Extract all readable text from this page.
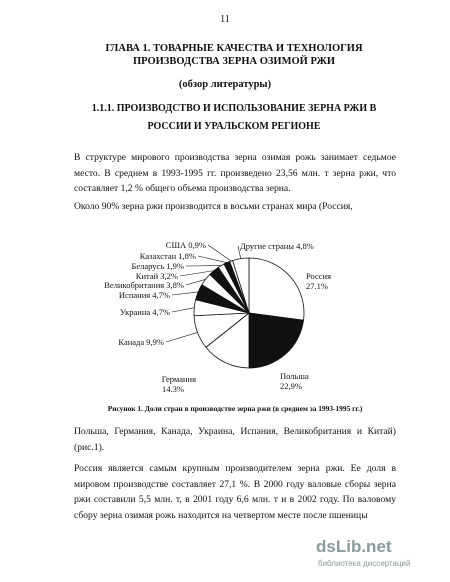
11
ГЛАВА 1. ТОВАРНЫЕ КАЧЕСТВА И ТЕХНОЛОГИЯ ПРОИЗВОДСТВА ЗЕРНА ОЗИМОЙ РЖИ
(обзор литературы)
1.1.1. ПРОИЗВОДСТВО И ИСПОЛЬЗОВАНИЕ ЗЕРНА РЖИ В РОССИИ И УРАЛЬСКОМ РЕГИОНЕ

В структуре мирового производства зерна озимая рожь занимает седьмое место. В среднем в 1993-1995 гг. произведено 23,56 млн. т зерна ржи, что составляет 1,2 % общего объема производства зерна.

Около 90% зерна ржи производится в восьми странах мира (Россия,

Россия
27.1%
Польша
22,9%
Германия
14.3%
Канада 9,9%
Украина 4,7%
Испания 4,7%
Великобритания 3,8%
Китай 3,2%
Беларусь 1,9%
Казахстан 1,8%
США 0,9%	Другие страны 4,8%
Рисунок 1. Доли стран в производстве зерна ржи (в среднем за 1993-1995 гг.)

Польша, Германия, Канада, Украина, Испания, Великобритания и Китай) (рис.1).

Россия является самым крупным производителем зерна ржи. Ее доля в мировом производстве составляет 27,1 %. В 2000 году валовые сборы зерна ржи составили 5,5 млн. т, в 2001 году 6,6 млн. т и в 2002 году. По валовому сбору зерна озимая рожь находится на четвертом месте после пшеницы

dsLib.net
библиотека диссертаций
